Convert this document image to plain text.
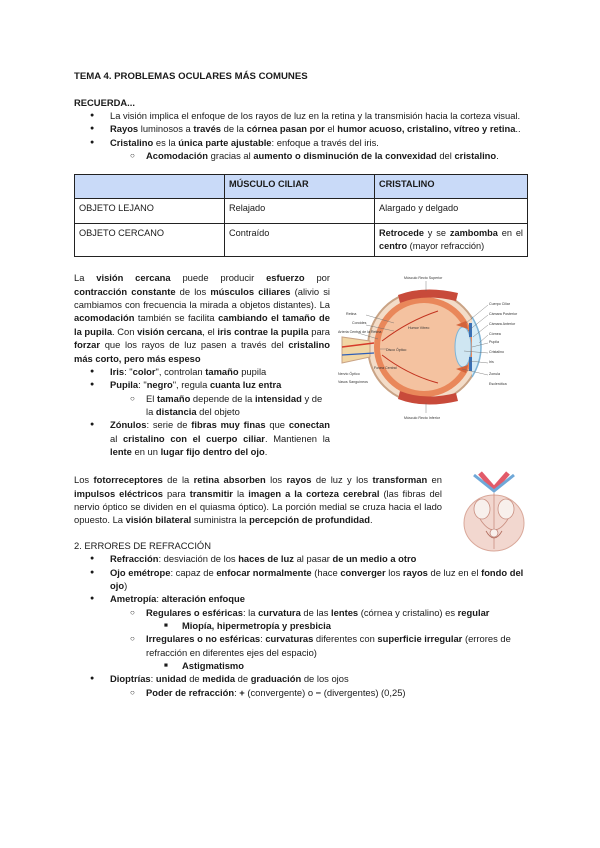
TEMA 4. PROBLEMAS OCULARES MÁS COMUNES
RECUERDA...
● La visión implica el enfoque de los rayos de luz en la retina y la transmisión hacia la corteza visual.
● Rayos luminosos a través de la córnea pasan por el humor acuoso, cristalino, vítreo y retina..
● Cristalino es la única parte ajustable: enfoque a través del iris.
○ Acomodación gracias al aumento o disminución de la convexidad del cristalino.
	MÚSCULO CILIAR	CRISTALINO
OBJETO LEJANO	Relajado	Alargado y delgado
OBJETO CERCANO	Contraído	Retrocede y se zambomba en el centro (mayor refracción)
La visión cercana puede producir esfuerzo por contracción constante de los músculos ciliares (alivio si cambiamos con frecuencia la mirada a objetos distantes). La acomodación también se facilita cambiando el tamaño de la pupila. Con visión cercana, el iris contrae la pupila para forzar que los rayos de luz pasen a través del cristalino más corto, pero más espeso
● Iris: "color", controlan tamaño pupila
● Pupila: "negro", regula cuanta luz entra
○ El tamaño depende de la intensidad y de la distancia del objeto
● Zónulos: serie de fibras muy finas que conectan al cristalino con el cuerpo ciliar. Mantienen la lente en un lugar fijo dentro del ojo.
Músculo Recto Superior
Retina
Coroides
Arteria Central de la Retina
Disco Óptico
Nervio Óptico
Vasos Sanguíneos
Fovea Central
Humor Vítreo
Cuerpo Ciliar
Cámara Posterior
Cámara Anterior
Córnea
Pupila
Cristalino
Iris
Zonula
Esclerótica
Músculo Recto Inferior
Los fotorreceptores de la retina absorben los rayos de luz y los transforman en impulsos eléctricos para transmitir la imagen a la corteza cerebral (las fibras del nervio óptico se dividen en el quiasma óptico). La porción medial se cruza hacia el lado opuesto. La visión bilateral suministra la percepción de profundidad.
2. ERRORES DE REFRACCIÓN
● Refracción: desviación de los haces de luz al pasar de un medio a otro
● Ojo emétrope: capaz de enfocar normalmente (hace converger los rayos de luz en el fondo del ojo)
● Ametropía: alteración enfoque
○ Regulares o esféricas: la curvatura de las lentes (córnea y cristalino) es regular
■ Miopía, hipermetropía y presbicia
○ Irregulares o no esféricas: curvaturas diferentes con superficie irregular (errores de refracción en diferentes ejes del espacio)
■ Astigmatismo
● Dioptrías: unidad de medida de graduación de los ojos
○ Poder de refracción: + (convergente) o − (divergentes) (0,25)
